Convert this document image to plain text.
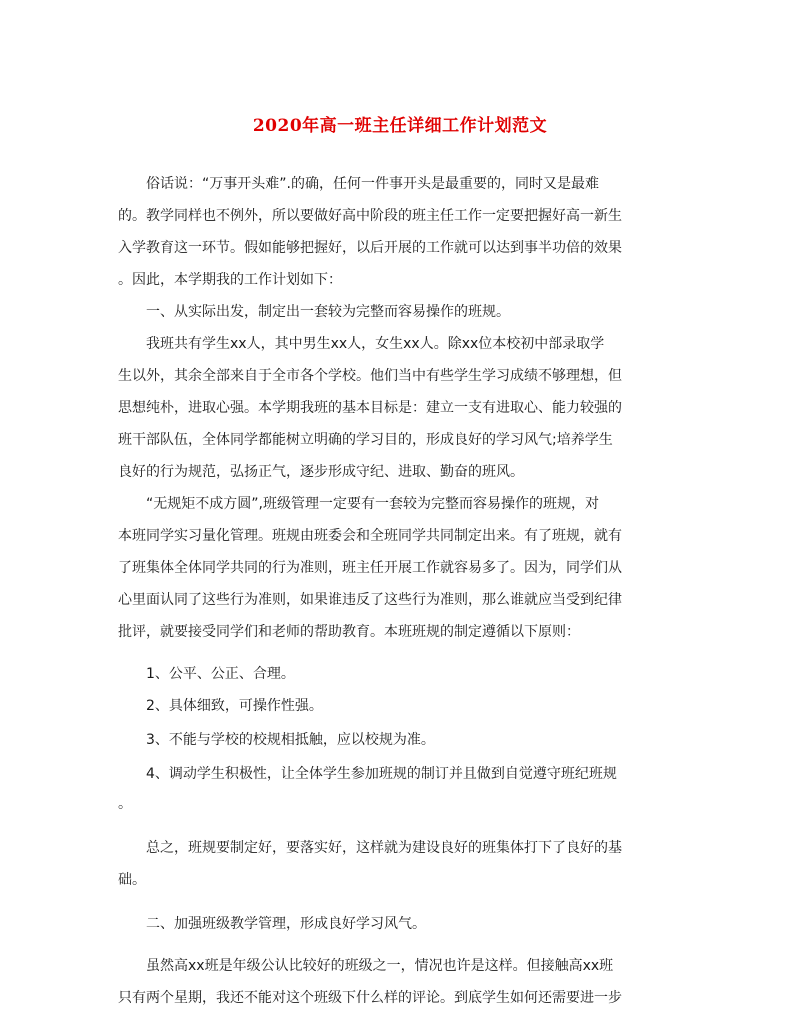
2020年高一班主任详细工作计划范文
俗话说：“万事开头难”.的确，任何一件事开头是最重要的，同时又是最难
的。教学同样也不例外，所以要做好高中阶段的班主任工作一定要把握好高一新生
入学教育这一环节。假如能够把握好，以后开展的工作就可以达到事半功倍的效果
。因此，本学期我的工作计划如下：
一、从实际出发，制定出一套较为完整而容易操作的班规。
我班共有学生xx人，其中男生xx人，女生xx人。除xx位本校初中部录取学
生以外，其余全部来自于全市各个学校。他们当中有些学生学习成绩不够理想，但
思想纯朴，进取心强。本学期我班的基本目标是：建立一支有进取心、能力较强的
班干部队伍，全体同学都能树立明确的学习目的，形成良好的学习风气;培养学生
良好的行为规范，弘扬正气，逐步形成守纪、进取、勤奋的班风。
“无规矩不成方圆”,班级管理一定要有一套较为完整而容易操作的班规，对
本班同学实习量化管理。班规由班委会和全班同学共同制定出来。有了班规，就有
了班集体全体同学共同的行为准则，班主任开展工作就容易多了。因为，同学们从
心里面认同了这些行为准则，如果谁违反了这些行为准则，那么谁就应当受到纪律
批评，就要接受同学们和老师的帮助教育。本班班规的制定遵循以下原则：
1、公平、公正、合理。
2、具体细致，可操作性强。
3、不能与学校的校规相抵触，应以校规为准。
4、调动学生积极性，让全体学生参加班规的制订并且做到自觉遵守班纪班规
。
总之，班规要制定好，要落实好，这样就为建设良好的班集体打下了良好的基
础。
二、加强班级教学管理，形成良好学习风气。
虽然高xx班是年级公认比较好的班级之一，情况也许是这样。但接触高xx班
只有两个星期，我还不能对这个班级下什么样的评论。到底学生如何还需要进一步
